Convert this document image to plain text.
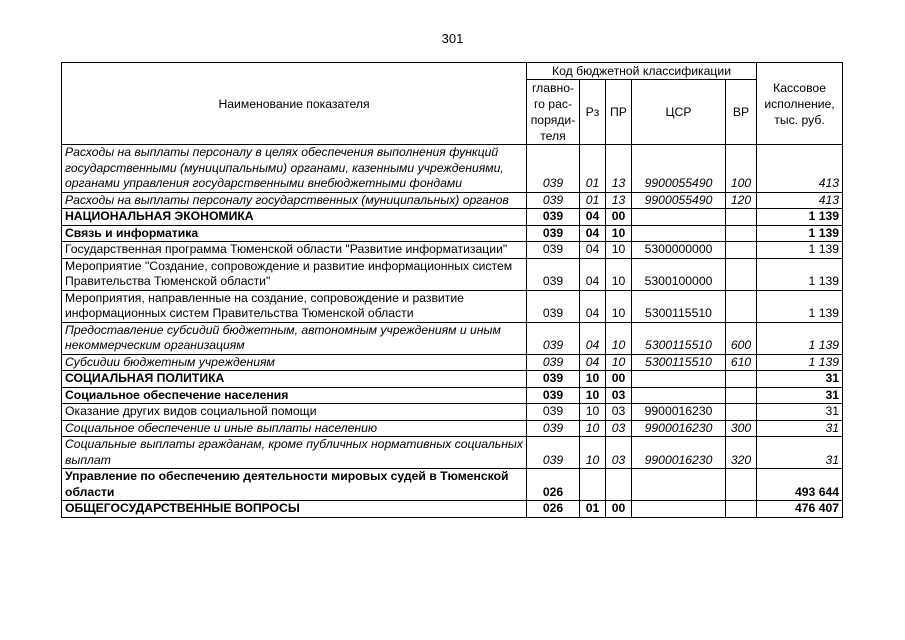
301
Наименование показателя	Код бюджетной классификации					Кассовое исполнение, тыс. руб.
	главно-
го рас-
поряди-
теля	Рз	ПР	ЦСР	ВР	
Расходы на выплаты персоналу в целях обеспечения выполнения функций государственными (муниципальными) органами, казенными учреждениями, органами управления государственными внебюджетными фондами	039	01	13	9900055490	100	413
Расходы на выплаты персоналу государственных (муниципальных) органов	039	01	13	9900055490	120	413
НАЦИОНАЛЬНАЯ ЭКОНОМИКА	039	04	00			1 139
Связь и информатика	039	04	10			1 139
Государственная программа Тюменской области "Развитие информатизации"	039	04	10	5300000000		1 139
Мероприятие "Создание, сопровождение и развитие информационных систем Правительства Тюменской области"	039	04	10	5300100000		1 139
Мероприятия, направленные на создание, сопровождение и развитие информационных систем Правительства Тюменской области	039	04	10	5300115510		1 139
Предоставление субсидий бюджетным, автономным учреждениям и иным некоммерческим организациям	039	04	10	5300115510	600	1 139
Субсидии бюджетным учреждениям	039	04	10	5300115510	610	1 139
СОЦИАЛЬНАЯ ПОЛИТИКА	039	10	00			31
Социальное обеспечение населения	039	10	03			31
Оказание других видов социальной помощи	039	10	03	9900016230		31
Социальное обеспечение и иные выплаты населению	039	10	03	9900016230	300	31
Социальные выплаты гражданам, кроме публичных нормативных социальных выплат	039	10	03	9900016230	320	31
Управление по обеспечению деятельности мировых судей в Тюменской области	026					493 644
ОБЩЕГОСУДАРСТВЕННЫЕ ВОПРОСЫ	026	01	00			476 407
